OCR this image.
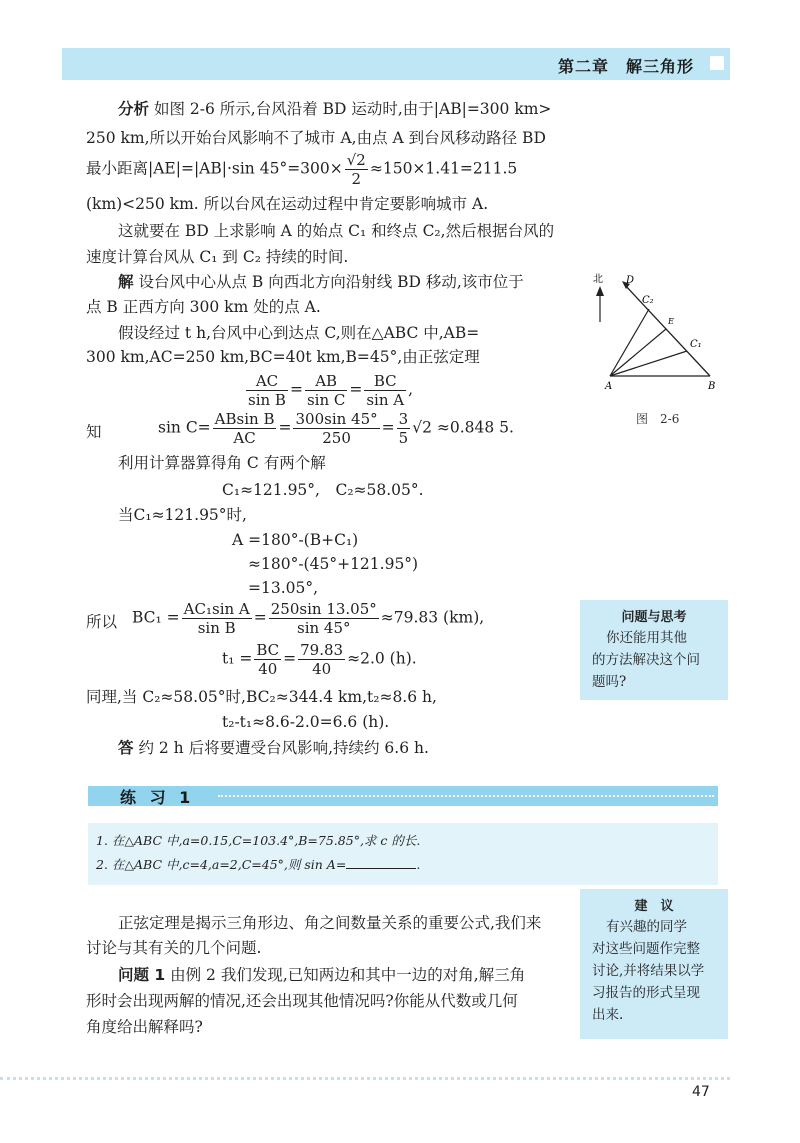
第二章　解三角形
分析 如图 2-6 所示,台风沿着 BD 运动时,由于|AB|=300 km>
250 km,所以开始台风影响不了城市 A,由点 A 到台风移动路径 BD
最小距离|AE|=|AB|·sin $45^\circ=300\times \frac{√2}{2} \approx 150\times 1.41=211.5$
(km)<250 km. 所以台风在运动过程中肯定要影响城市 A.
这就要在 BD 上求影响 A 的始点 C₁ 和终点 C₂,然后根据台风的
速度计算台风从 C₁ 到 C₂ 持续的时间.
解 设台风中心从点 B 向西北方向沿射线 BD 移动,该市位于
点 B 正西方向 300 km 处的点 A.
假设经过 t h,台风中心到达点 C,则在△ABC 中,AB=
300 km,AC=250 km,BC=40t km,B=45°,由正弦定理
$\frac{AC}{\text{sin B}} = \frac{AB}{\text{sin C}} = \frac{BC}{\text{sin A}}$ ,
知	$\sin C= \frac{\text{ABsin B}}{AC} = \frac{300\sin 45^\circ}{250} = \frac{3}{5} √2 \approx 0.848$ 5.
利用计算器算得角 C 有两个解
C₁≈121.95°,　C₂≈58.05°.
当C₁≈121.95°时,
A =180°-(B+C₁)
≈180°-(45°+121.95°)
=13.05°,
所以 $BC_1 = \frac{\text{AC₁sin A}}{\text{sin B}} = \frac{250\sin 13.05^\circ}{\sin 45^\circ} \approx 79.83$ (km),
$t_1 = \frac{BC}{40} = \frac{79.83}{40} \approx 2.0$ (h).
同理,当 C₂≈58.05°时,BC₂≈344.4 km,t₂≈8.6 h,
t₂-t₁≈8.6-2.0=6.6 (h).
答 约 2 h 后将要遭受台风影响,持续约 6.6 h.
北 D
C₂
E
C₁
A	B
图　2-6
问题与思考
你还能用其他
的方法解决这个问
题吗?
练 习 1
1. 在△ABC 中,a=0.15,C=103.4°,B=75.85°,求 c 的长.
2. 在△ABC 中,c=4,a=2,C=45°,则 sin A=	.
正弦定理是揭示三角形边、角之间数量关系的重要公式,我们来
讨论与其有关的几个问题.
问题 1 由例 2 我们发现,已知两边和其中一边的对角,解三角
形时会出现两解的情况,还会出现其他情况吗?你能从代数或几何
角度给出解释吗?
建　议
有兴趣的同学
对这些问题作完整
讨论,并将结果以学
习报告的形式呈现
出来.
47
